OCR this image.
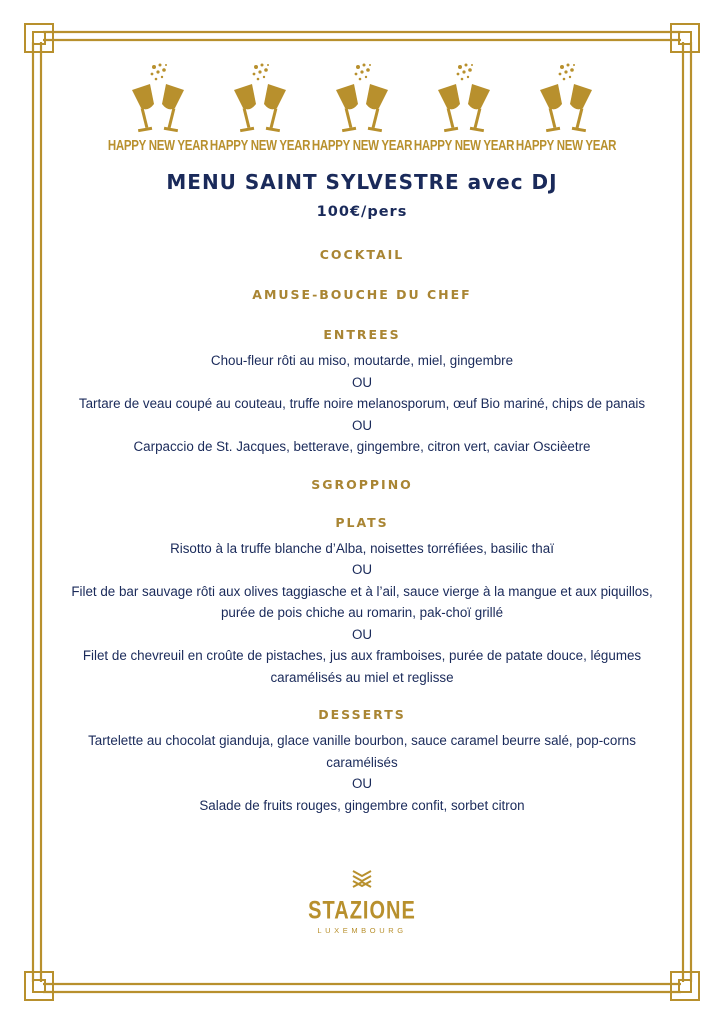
HAPPY NEW YEAR HAPPY NEW YEAR HAPPY NEW YEAR HAPPY NEW YEAR HAPPY NEW YEAR
MENU SAINT SYLVESTRE avec DJ
100€/pers
COCKTAIL
AMUSE-BOUCHE DU CHEF
ENTREES
Chou-fleur rôti au miso, moutarde, miel, gingembre
OU
Tartare de veau coupé au couteau, truffe noire melanosporum, œuf Bio mariné, chips de panais
OU
Carpaccio de St. Jacques, betterave, gingembre, citron vert, caviar Oscièetre
SGROPPINO
PLATS
Risotto à la truffe blanche d’Alba, noisettes torréfiées, basilic thaï
OU
Filet de bar sauvage rôti aux olives taggiasche et à l’ail, sauce vierge à la mangue et aux piquillos, purée de pois chiche au romarin, pak-choï grillé
OU
Filet de chevreuil en croûte de pistaches, jus aux framboises, purée de patate douce, légumes caramélisés au miel et reglisse
DESSERTS
Tartelette au chocolat gianduja, glace vanille bourbon, sauce caramel beurre salé, pop-corns caramélisés
OU
Salade de fruits rouges, gingembre confit, sorbet citron
STAZIONE
LUXEMBOURG
